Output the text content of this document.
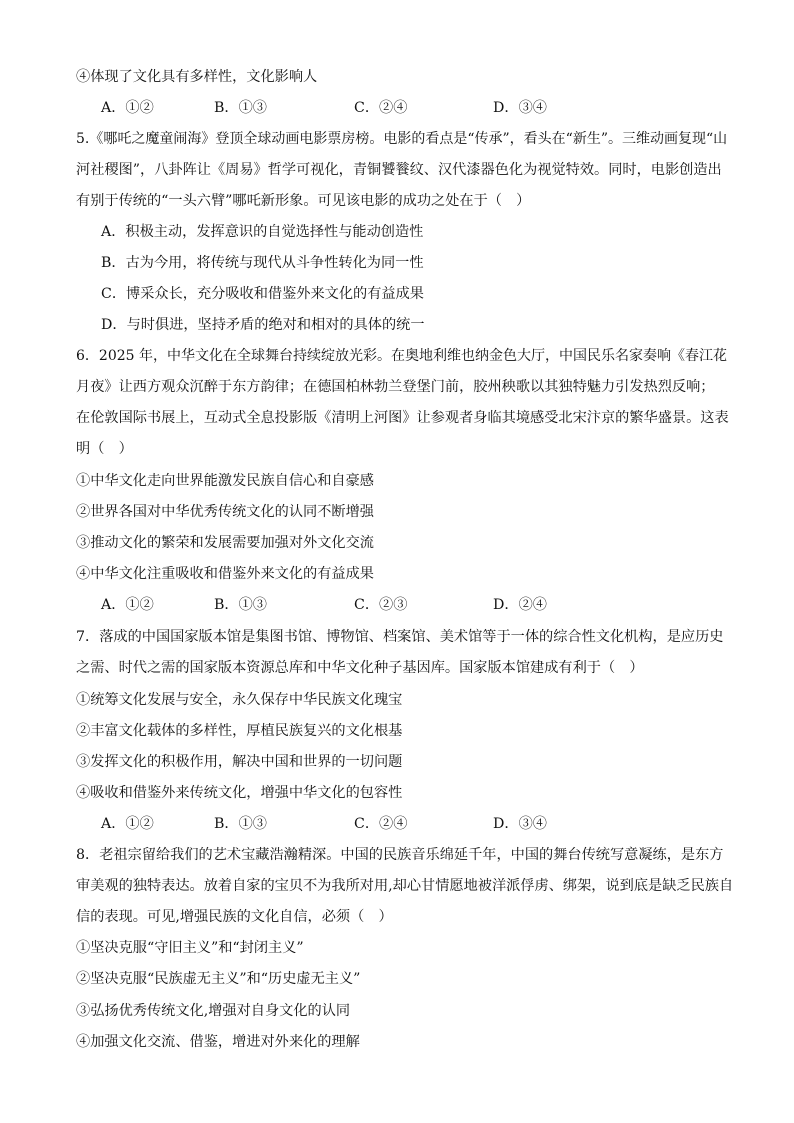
④体现了文化具有多样性，文化影响人
A．①②	B．①③	C．②④	D．③④
5.《哪吒之魔童闹海》登顶全球动画电影票房榜。电影的看点是“传承”，看头在“新生”。三维动画复现“山
河社稷图”，八卦阵让《周易》哲学可视化，青铜饕餮纹、汉代漆器色化为视觉特效。同时，电影创造出
有别于传统的“一头六臂”哪吒新形象。可见该电影的成功之处在于（　）
A．积极主动，发挥意识的自觉选择性与能动创造性
B．古为今用，将传统与现代从斗争性转化为同一性
C．博采众长，充分吸收和借鉴外来文化的有益成果
D．与时俱进，坚持矛盾的绝对和相对的具体的统一
6．2025 年，中华文化在全球舞台持续绽放光彩。在奥地利维也纳金色大厅，中国民乐名家奏响《春江花
月夜》让西方观众沉醉于东方韵律；在德国柏林勃兰登堡门前，胶州秧歌以其独特魅力引发热烈反响；
在伦敦国际书展上，互动式全息投影版《清明上河图》让参观者身临其境感受北宋汴京的繁华盛景。这表
明（　）
①中华文化走向世界能激发民族自信心和自豪感
②世界各国对中华优秀传统文化的认同不断增强
③推动文化的繁荣和发展需要加强对外文化交流
④中华文化注重吸收和借鉴外来文化的有益成果
A．①②	B．①③	C．②③	D．②④
7．落成的中国国家版本馆是集图书馆、博物馆、档案馆、美术馆等于一体的综合性文化机构，是应历史
之需、时代之需的国家版本资源总库和中华文化种子基因库。国家版本馆建成有利于（　）
①统筹文化发展与安全，永久保存中华民族文化瑰宝
②丰富文化载体的多样性，厚植民族复兴的文化根基
③发挥文化的积极作用，解决中国和世界的一切问题
④吸收和借鉴外来传统文化，增强中华文化的包容性
A．①②	B．①③	C．②④	D．③④
8．老祖宗留给我们的艺术宝藏浩瀚精深。中国的民族音乐绵延千年，中国的舞台传统写意凝练，是东方
审美观的独特表达。放着自家的宝贝不为我所对用,却心甘情愿地被洋派俘虏、绑架，说到底是缺乏民族自
信的表现。可见,增强民族的文化自信，必须（　）
①坚决克服“守旧主义”和“封闭主义”
②坚决克服“民族虚无主义”和“历史虚无主义”
③弘扬优秀传统文化,增强对自身文化的认同
④加强文化交流、借鉴，增进对外来化的理解
